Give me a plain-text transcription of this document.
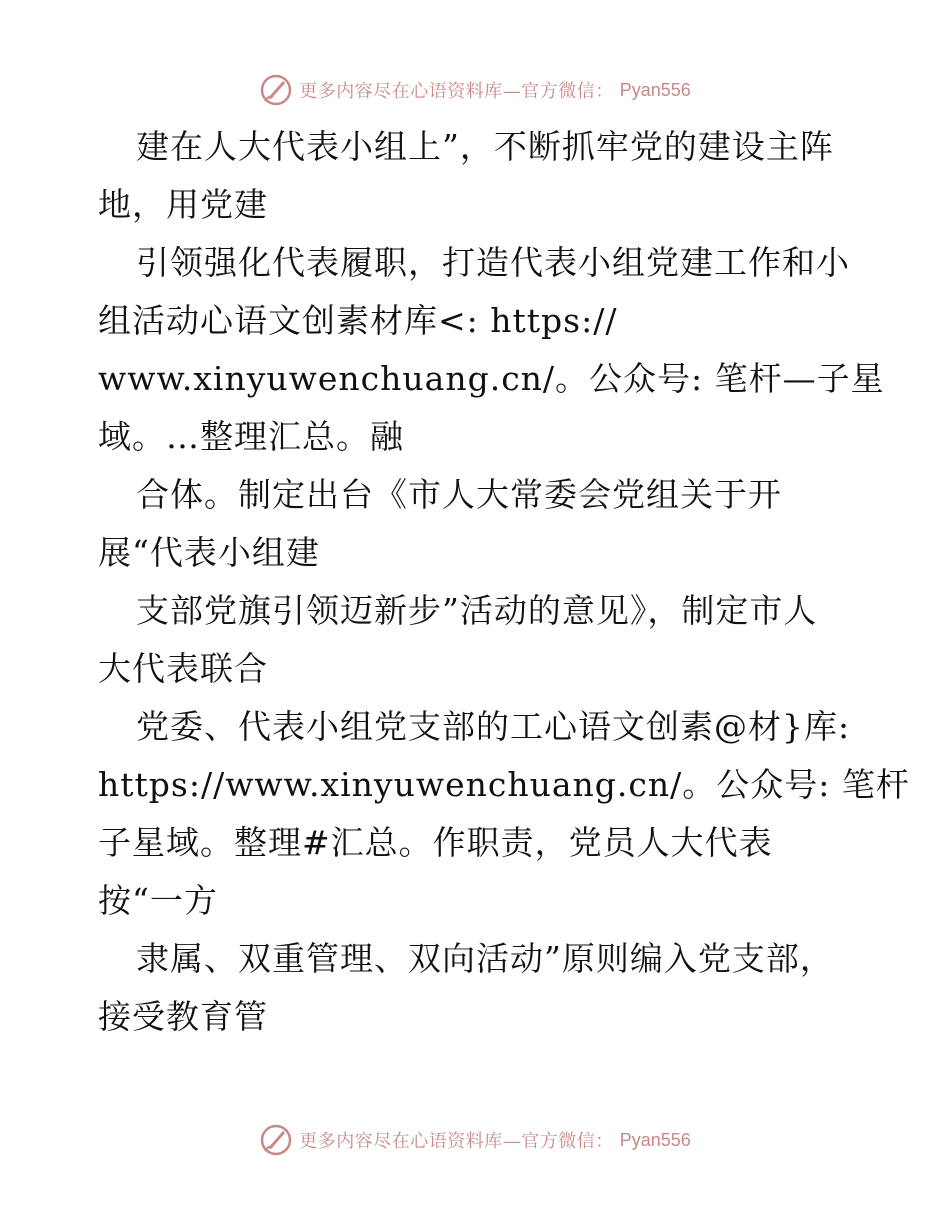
更多内容尽在心语资料库—官方微信： Pyan556
建在人大代表小组上”，不断抓牢党的建设主阵
地，用党建
引领强化代表履职，打造代表小组党建工作和小
组活动心语文创素材库<: https://
www.xinyuwenchuang.cn/。公众号: 笔杆—子星
域。…整理汇总。融
合体。制定出台《市人大常委会党组关于开
展“代表小组建
支部党旗引领迈新步”活动的意见》，制定市人
大代表联合
党委、代表小组党支部的工心语文创素@材}库:
https://www.xinyuwenchuang.cn/。公众号: 笔杆
子星域。整理#汇总。作职责，党员人大代表
按“一方
隶属、双重管理、双向活动”原则编入党支部，
接受教育管
更多内容尽在心语资料库—官方微信： Pyan556
